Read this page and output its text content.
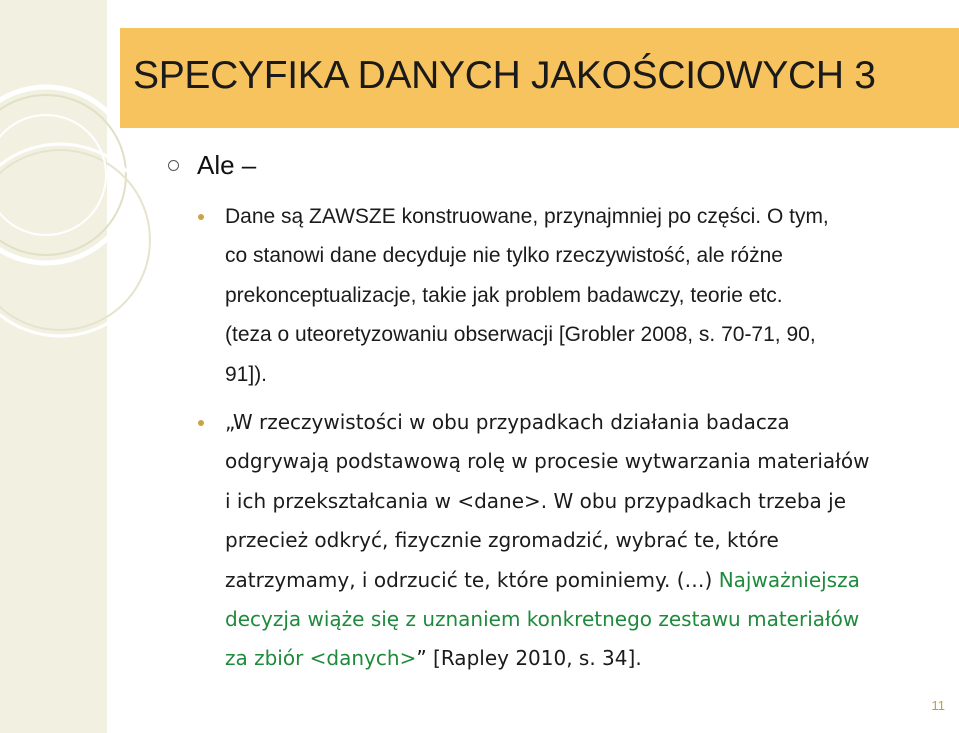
SPECYFIKA DANYCH JAKOŚCIOWYCH 3
Ale –
Dane są ZAWSZE konstruowane, przynajmniej po części. O tym,
co stanowi dane decyduje nie tylko rzeczywistość, ale różne
prekonceptualizacje, takie jak problem badawczy, teorie etc.
(teza o uteoretyzowaniu obserwacji [Grobler 2008, s. 70-71, 90,
91]).
„W rzeczywistości w obu przypadkach działania badacza
odgrywają podstawową rolę w procesie wytwarzania materiałów
i ich przekształcania w <dane>. W obu przypadkach trzeba je
przecież odkryć, fizycznie zgromadzić, wybrać te, które
zatrzymamy, i odrzucić te, które pominiemy. (…) Najważniejsza
decyzja wiąże się z uznaniem konkretnego zestawu materiałów
za zbiór <danych>” [Rapley 2010, s. 34].
11
